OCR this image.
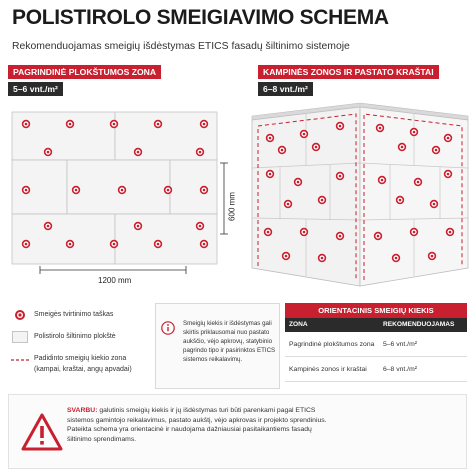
POLISTIROLO SMEIGIAVIMO SCHEMA
Rekomenduojamas smeigių išdėstymas ETICS fasadų šiltinimo sistemoje
PAGRINDINĖ PLOKŠTUMOS ZONA
5–6 vnt./m²
1200 mm
600 mm
KAMPINĖS ZONOS IR PASTATO KRAŠTAI
6–8 vnt./m²
Smeigės tvirtinimo taškas
Polistirolo šiltinimo plokštė
Padidinto smeigių kiekio zona
(kampai, kraštai, angų apvadai)
Smeigių kiekis ir išdėstymas gali
skirtis priklausomai nuo pastato
aukščio, vėjo apkrovų, statybinio
pagrindo tipo ir pasirinktos ETICS
sistemos reikalavimų.
ORIENTACINIS SMEIGIŲ KIEKIS
ZONA	REKOMENDUOJAMAS KIEKIS
Pagrindinė plokštumos zona	5–6 vnt./m²
Kampinės zonos ir kraštai	6–8 vnt./m²
SVARBU: galutinis smeigių kiekis ir jų išdėstymas turi būti parenkami pagal ETICS
sistemos gamintojo reikalavimus, pastato aukštį, vėjo apkrovas ir projekto sprendinius.
Pateikta schema yra orientacinė ir naudojama dažniausiai pasitaikantiems fasadų
šiltinimo sprendimams.
